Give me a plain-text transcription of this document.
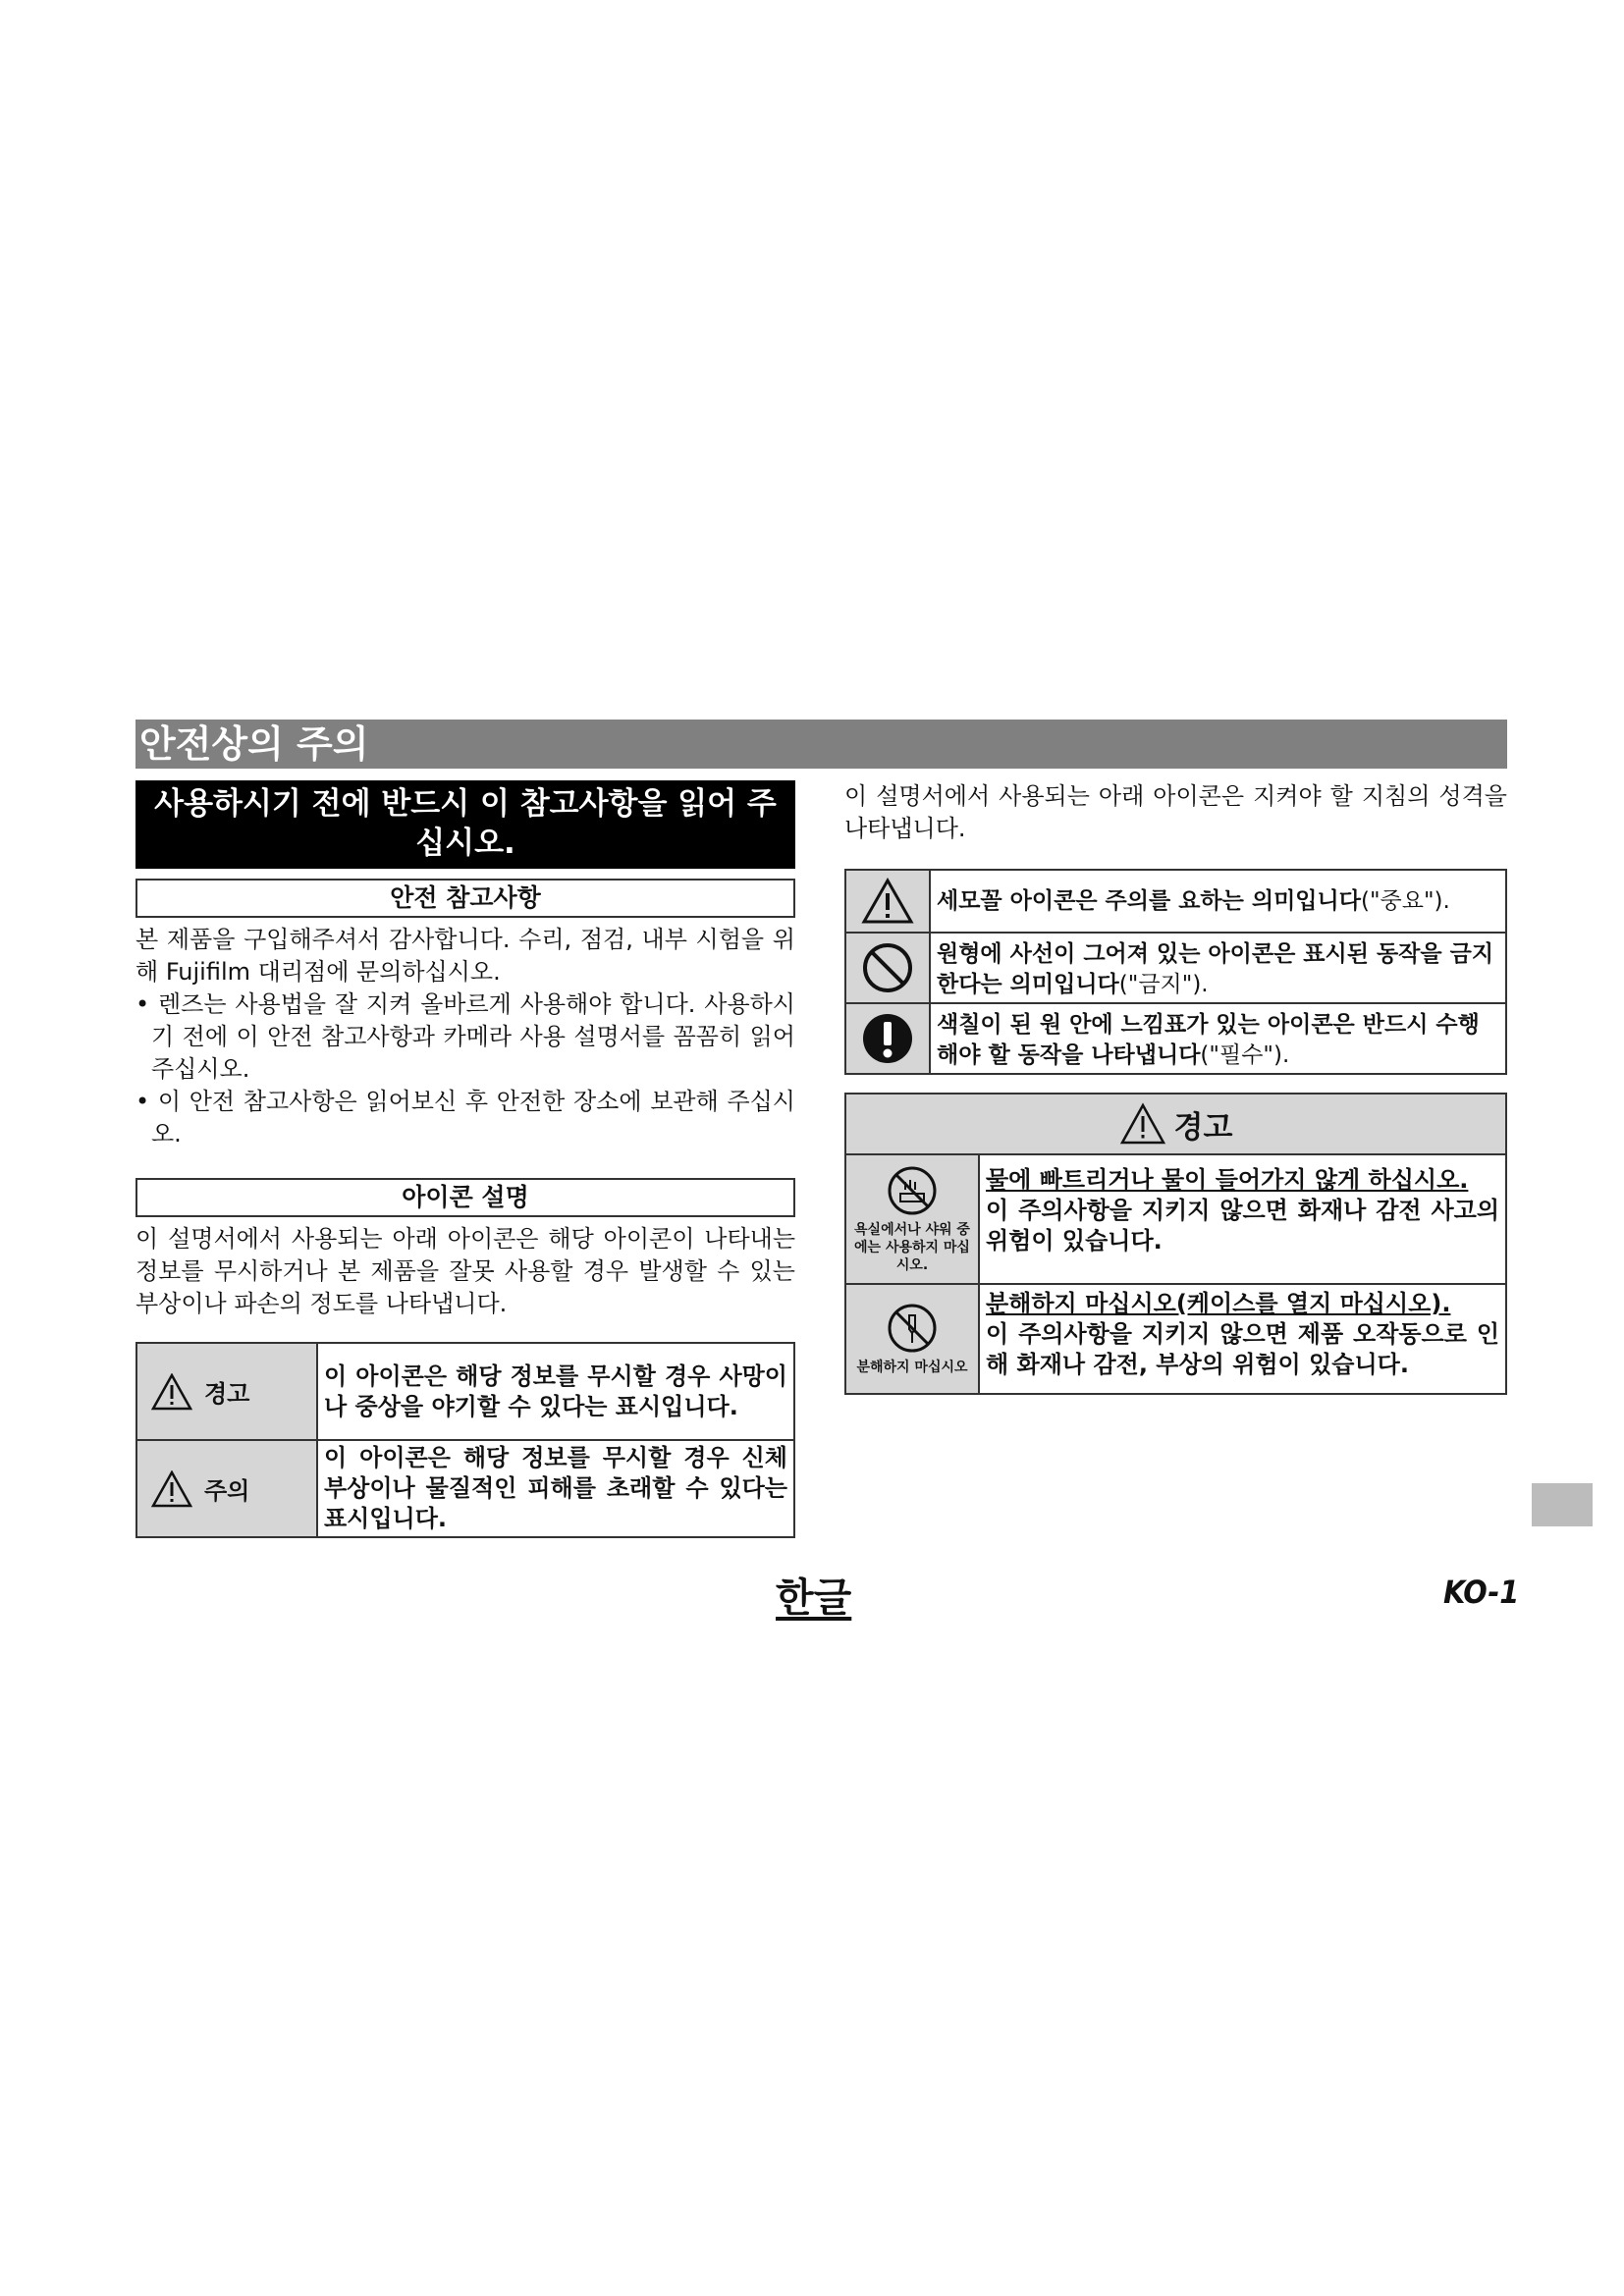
안전상의 주의
사용하시기 전에 반드시 이 참고사항을 읽어 주십시오.
안전 참고사항

본 제품을 구입해주셔서 감사합니다. 수리, 점검, 내부 시험을 위해 Fujifilm 대리점에 문의하십시오.

• 렌즈는 사용법을 잘 지켜 올바르게 사용해야 합니다. 사용하시기 전에 이 안전 참고사항과 카메라 사용 설명서를 꼼꼼히 읽어주십시오.
• 이 안전 참고사항은 읽어보신 후 안전한 장소에 보관해 주십시오.
아이콘 설명

이 설명서에서 사용되는 아래 아이콘은 해당 아이콘이 나타내는 정보를 무시하거나 본 제품을 잘못 사용할 경우 발생할 수 있는 부상이나 파손의 정도를 나타냅니다.

경고
이 아이콘은 해당 정보를 무시할 경우 사망이나 중상을 야기할 수 있다는 표시입니다.
주의
이 아이콘은 해당 정보를 무시할 경우 신체 부상이나 물질적인 피해를 초래할 수 있다는 표시입니다.

이 설명서에서 사용되는 아래 아이콘은 지켜야 할 지침의 성격을 나타냅니다.

세모꼴 아이콘은 주의를 요하는 의미입니다("중요").
원형에 사선이 그어져 있는 아이콘은 표시된 동작을 금지한다는 의미입니다("금지").
색칠이 된 원 안에 느낌표가 있는 아이콘은 반드시 수행해야 할 동작을 나타냅니다("필수").
경고
욕실에서나 샤워 중에는 사용하지 마십시오.
물에 빠트리거나 물이 들어가지 않게 하십시오.
이 주의사항을 지키지 않으면 화재나 감전 사고의 위험이 있습니다.
분해하지 마십시오
분해하지 마십시오(케이스를 열지 마십시오).
이 주의사항을 지키지 않으면 제품 오작동으로 인해 화재나 감전, 부상의 위험이 있습니다.
한글	KO-1
